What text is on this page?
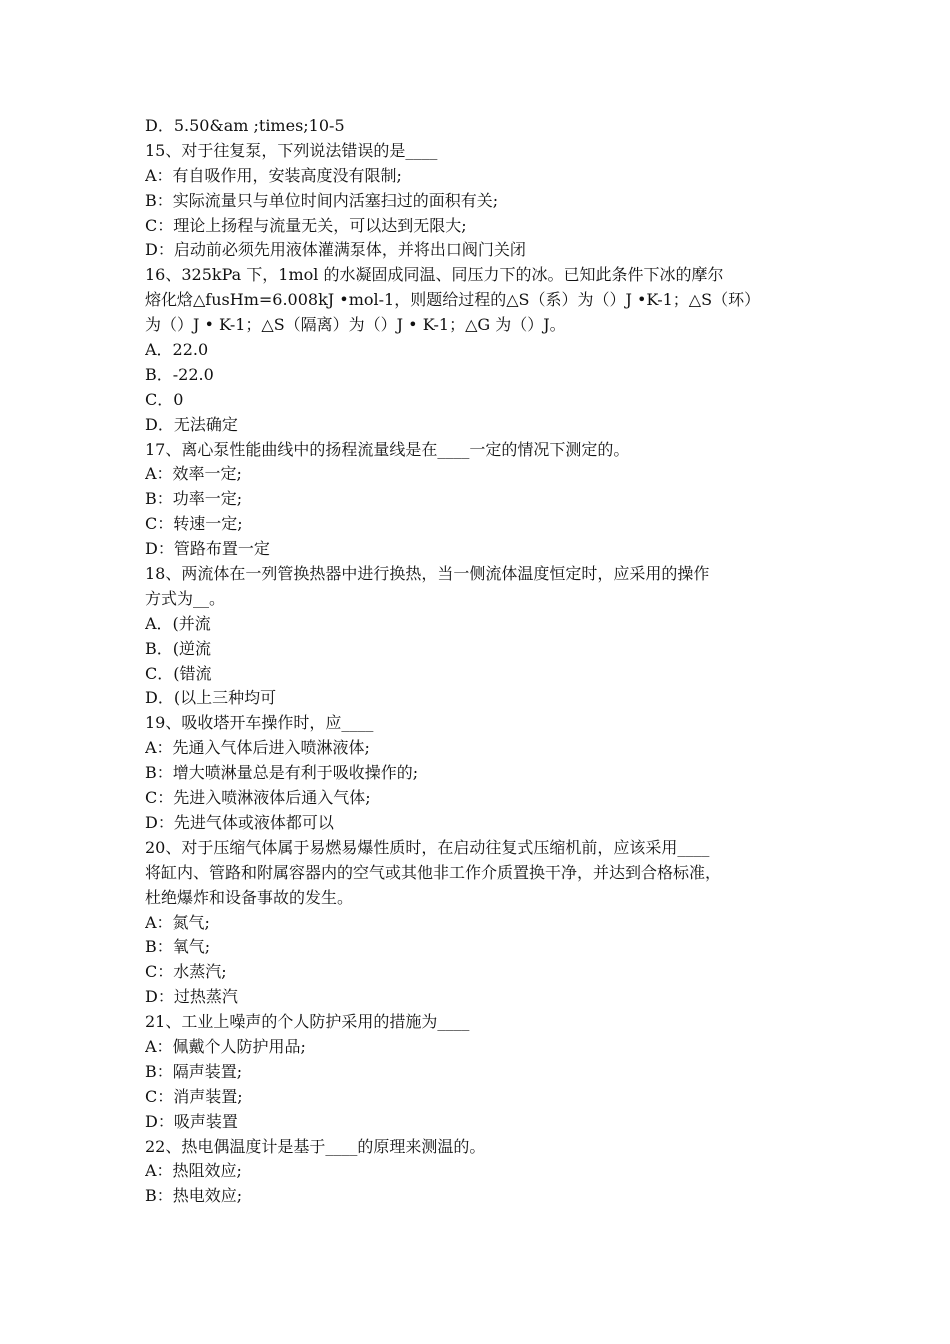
D．5.50&am ;times;10-5
15、对于往复泵，下列说法错误的是____
A：有自吸作用，安装高度没有限制;
B：实际流量只与单位时间内活塞扫过的面积有关;
C：理论上扬程与流量无关，可以达到无限大;
D：启动前必须先用液体灌满泵体，并将出口阀门关闭
16、325kPa 下，1mol 的水凝固成同温、同压力下的冰。已知此条件下冰的摩尔
熔化焓△fusHm=6.008kJ •mol-1，则题给过程的△S（系）为（）J •K-1；△S（环）
为（）J • K-1；△S（隔离）为（）J • K-1；△G 为（）J。
A．22.0
B．-22.0
C．0
D．无法确定
17、离心泵性能曲线中的扬程流量线是在____一定的情况下测定的。
A：效率一定;
B：功率一定;
C：转速一定;
D：管路布置一定
18、两流体在一列管换热器中进行换热，当一侧流体温度恒定时，应采用的操作
方式为__。
A．(并流
B．(逆流
C．(错流
D．(以上三种均可
19、吸收塔开车操作时，应____
A：先通入气体后进入喷淋液体;
B：增大喷淋量总是有利于吸收操作的;
C：先进入喷淋液体后通入气体;
D：先进气体或液体都可以
20、对于压缩气体属于易燃易爆性质时，在启动往复式压缩机前，应该采用____
将缸内、管路和附属容器内的空气或其他非工作介质置换干净，并达到合格标准，
杜绝爆炸和设备事故的发生。
A：氮气;
B：氧气;
C：水蒸汽;
D：过热蒸汽
21、工业上噪声的个人防护采用的措施为____
A：佩戴个人防护用品;
B：隔声装置;
C：消声装置;
D：吸声装置
22、热电偶温度计是基于____的原理来测温的。
A：热阻效应;
B：热电效应;
